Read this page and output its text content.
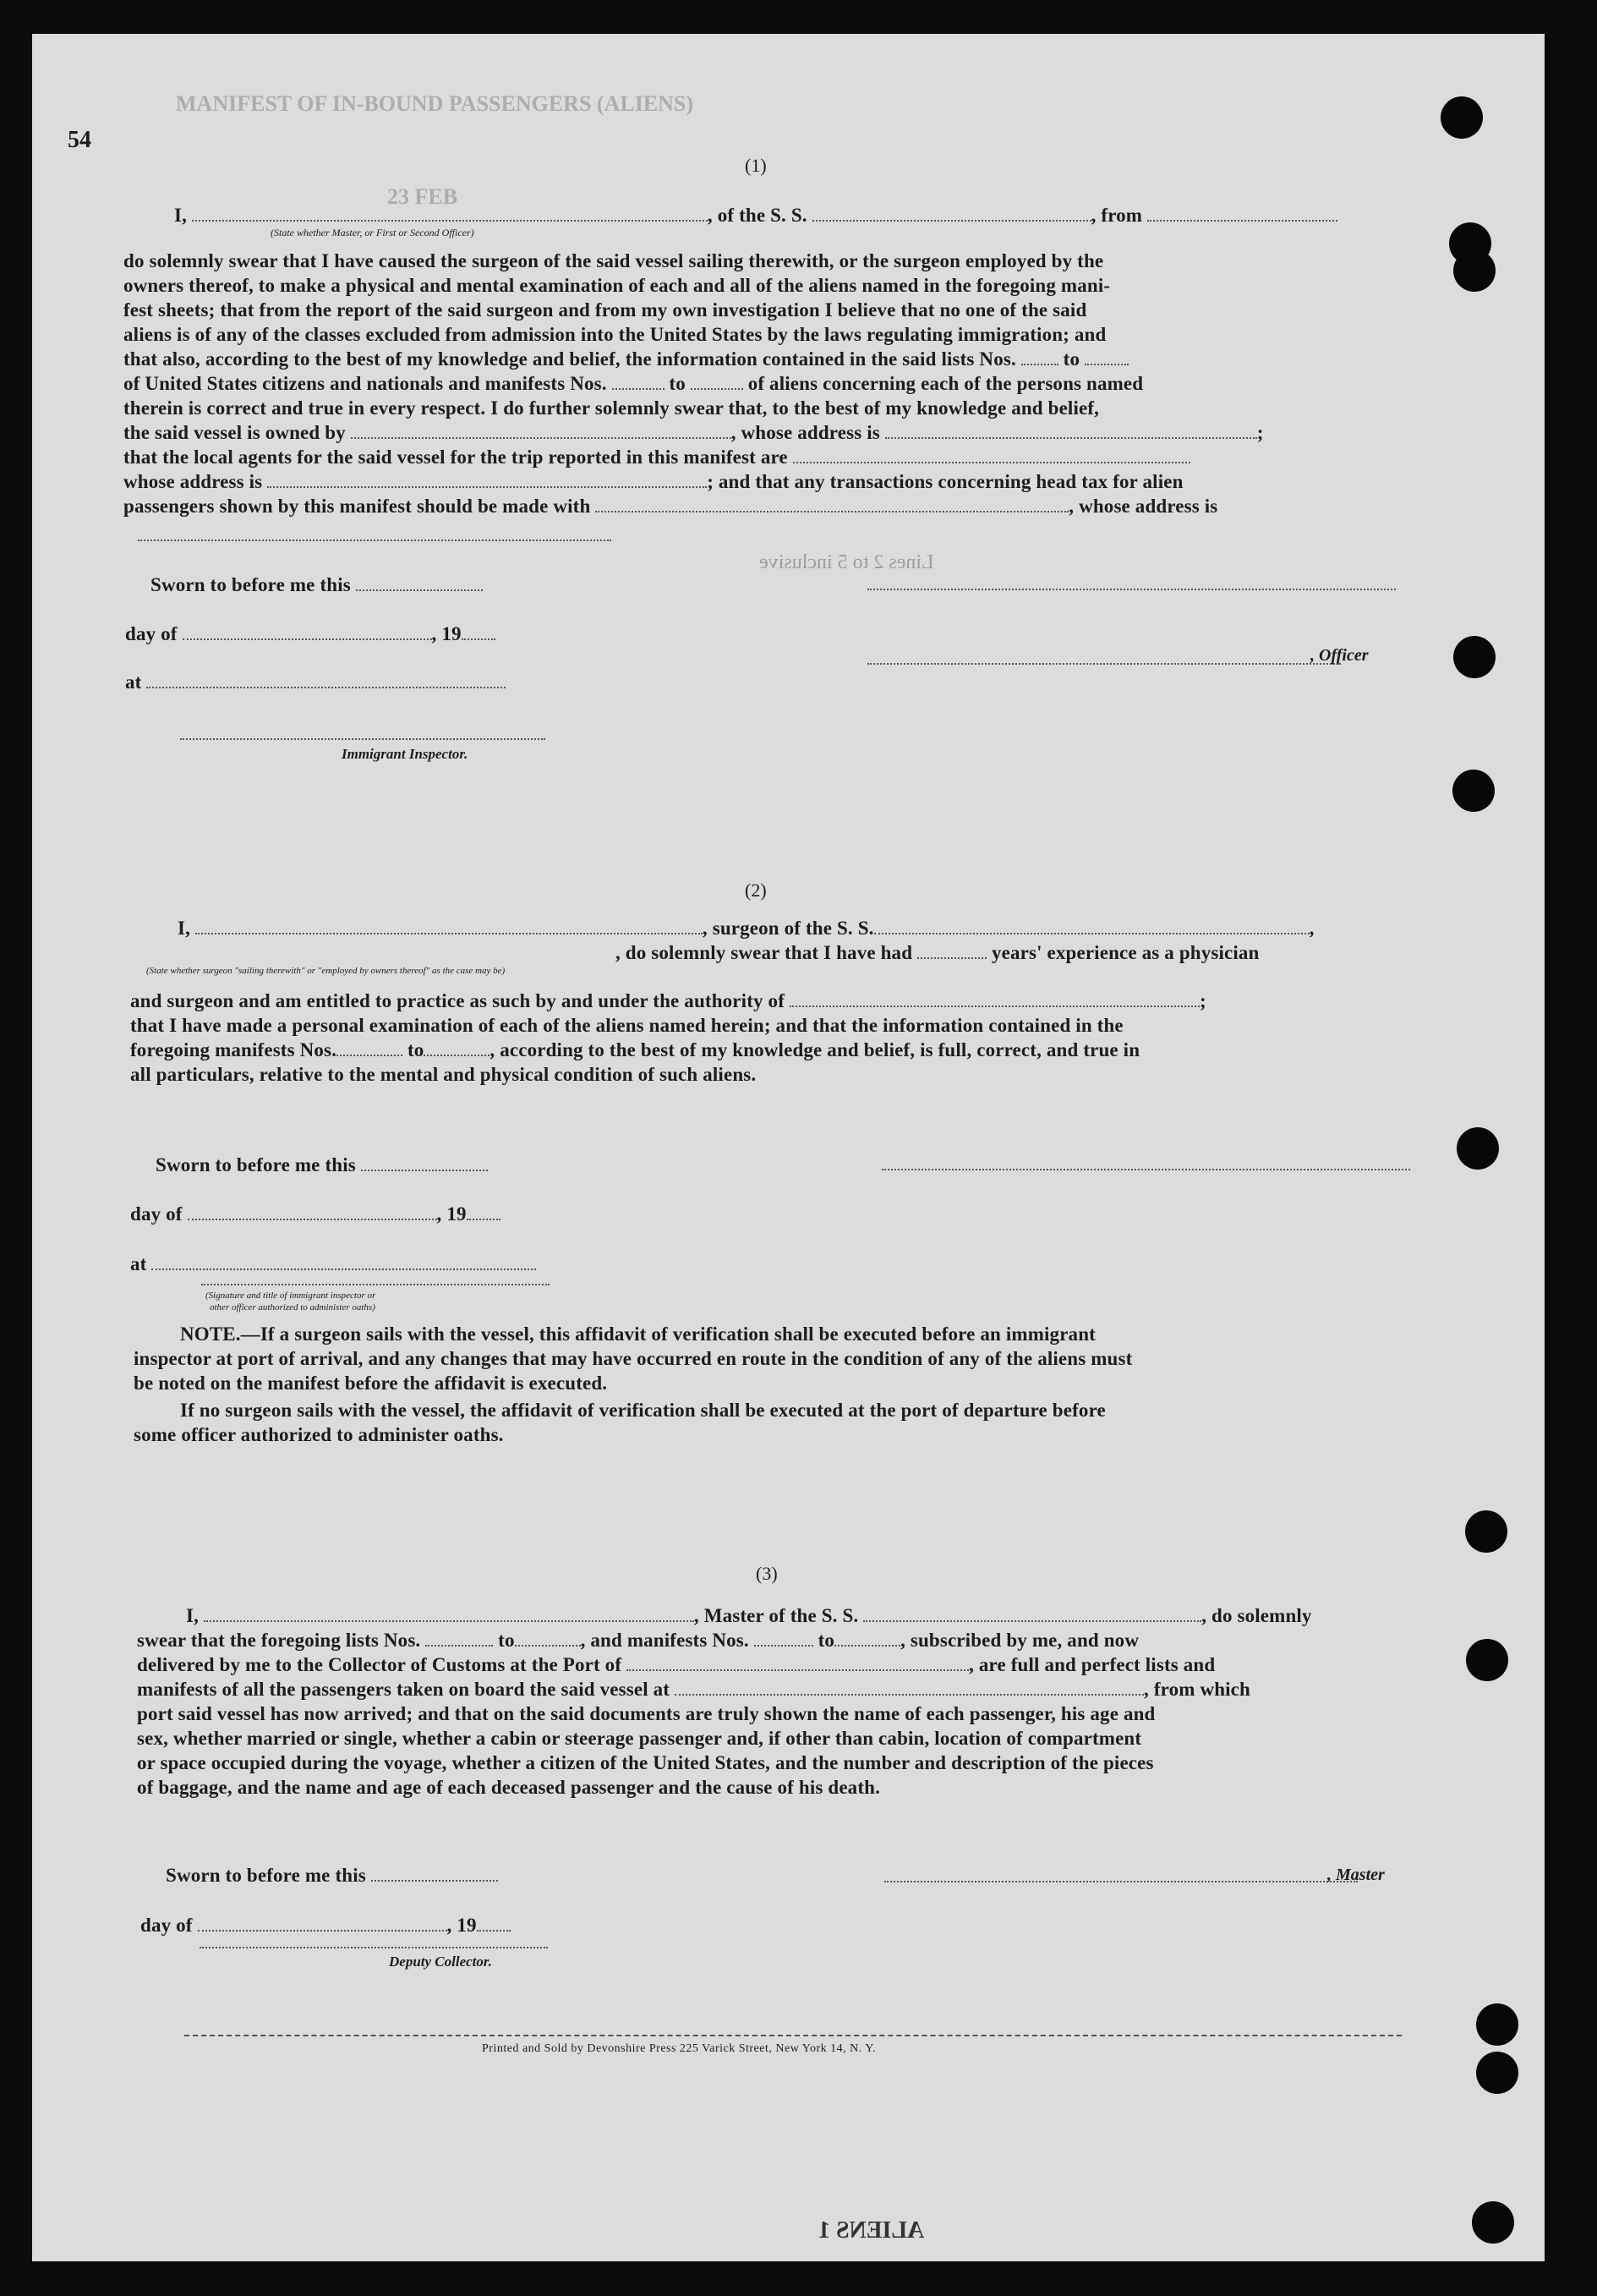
MANIFEST OF IN-BOUND PASSENGERS (ALIENS)
23 FEB
Lines 2 to 5 inclusive
54
(1)
I,	, of the S. S.	, from
(State whether Master, or First or Second Officer)
do solemnly swear that I have caused the surgeon of the said vessel sailing therewith, or the surgeon employed by the
owners thereof, to make a physical and mental examination of each and all of the aliens named in the foregoing mani-
fest sheets; that from the report of the said surgeon and from my own investigation I believe that no one of the said
aliens is of any of the classes excluded from admission into the United States by the laws regulating immigration; and
that also, according to the best of my knowledge and belief, the information contained in the said lists Nos. to
of United States citizens and nationals and manifests Nos.	to	of aliens concerning each of the persons named
therein is correct and true in every respect. I do further solemnly swear that, to the best of my knowledge and belief,
the said vessel is owned by	, whose address is	;
that the local agents for the said vessel for the trip reported in this manifest are
whose address is	; and that any transactions concerning head tax for alien
passengers shown by this manifest should be made with	, whose address is
Sworn to before me this
day of	, 19
, Officer
at
Immigrant Inspector.
(2)
I,	, surgeon of the S. S.	,
, do solemnly swear that I have had	years' experience as a physician
(State whether surgeon "sailing therewith" or "employed by owners thereof" as the case may be)
and surgeon and am entitled to practice as such by and under the authority of	;
that I have made a personal examination of each of the aliens named herein; and that the information contained in the
foregoing manifests Nos.	to	, according to the best of my knowledge and belief, is full, correct, and true in
all particulars, relative to the mental and physical condition of such aliens.
Sworn to before me this
day of	, 19
at
(Signature and title of immigrant inspector or
other officer authorized to administer oaths)
NOTE.—If a surgeon sails with the vessel, this affidavit of verification shall be executed before an immigrant
inspector at port of arrival, and any changes that may have occurred en route in the condition of any of the aliens must
be noted on the manifest before the affidavit is executed.
If no surgeon sails with the vessel, the affidavit of verification shall be executed at the port of departure before
some officer authorized to administer oaths.
(3)
I,	, Master of the S. S.	, do solemnly
swear that the foregoing lists Nos.	to	, and manifests Nos.	to	, subscribed by me, and now
delivered by me to the Collector of Customs at the Port of	, are full and perfect lists and
manifests of all the passengers taken on board the said vessel at	, from which
port said vessel has now arrived; and that on the said documents are truly shown the name of each passenger, his age and
sex, whether married or single, whether a cabin or steerage passenger and, if other than cabin, location of compartment
or space occupied during the voyage, whether a citizen of the United States, and the number and description of the pieces
of baggage, and the name and age of each deceased passenger and the cause of his death.
Sworn to before me this	, Master
day of	, 19
Deputy Collector.
Printed and Sold by Devonshire Press 225 Varick Street, New York 14, N. Y.
ALIENS 1
